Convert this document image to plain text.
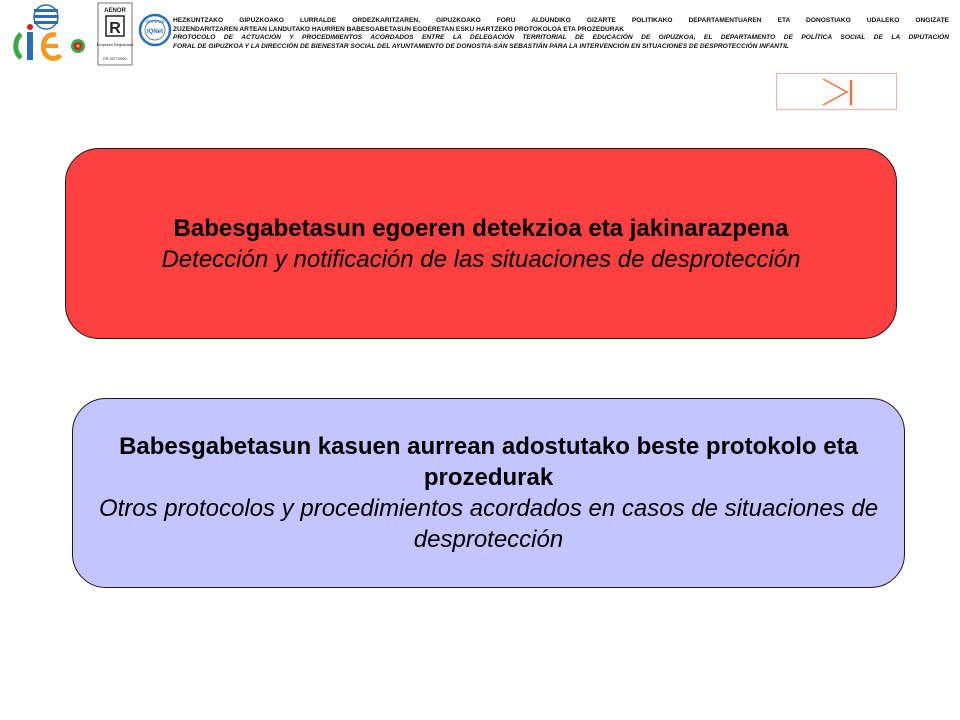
AENOR
R
Empresa Registrada
ER-0977/2000
CERTIFIED
IQNet
HEZKUNTZAKO GIPUZKOAKO LURRALDE ORDEZKARITZAREN, GIPUZKOAKO FORU ALDUNDIKO GIZARTE POLITIKAKO DEPARTAMENTUAREN ETA DONOSTIAKO UDALEKO ONGIZATE
ZUZENDARITZAREN ARTEAN LANDUTAKO HAURREN BABESGABETASUN EGOERETAN ESKU HARTZEKO PROTOKOLOA ETA PROZEDURAK
PROTOCOLO DE ACTUACIÓN Y PROCEDIMIENTOS ACORDADOS ENTRE LA DELEGACIÓN TERRITORIAL DE EDUCACIÓN DE GIPUZKOA, EL DEPARTAMENTO DE POLÍTICA SOCIAL DE LA DIPUTACIÓN
FORAL DE GIPUZKOA Y LA DIRECCIÓN DE BIENESTAR SOCIAL DEL AYUNTAMIENTO DE DONOSTIA-SAN SEBASTIÁN PARA LA INTERVENCIÓN EN SITUACIONES DE DESPROTECCIÓN INFANTIL
Babesgabetasun egoeren detekzioa eta jakinarazpena
Detección y notificación de las situaciones de desprotección
Babesgabetasun kasuen aurrean adostutako beste protokolo eta prozedurak
Otros protocolos y procedimientos acordados en casos de situaciones de desprotección
